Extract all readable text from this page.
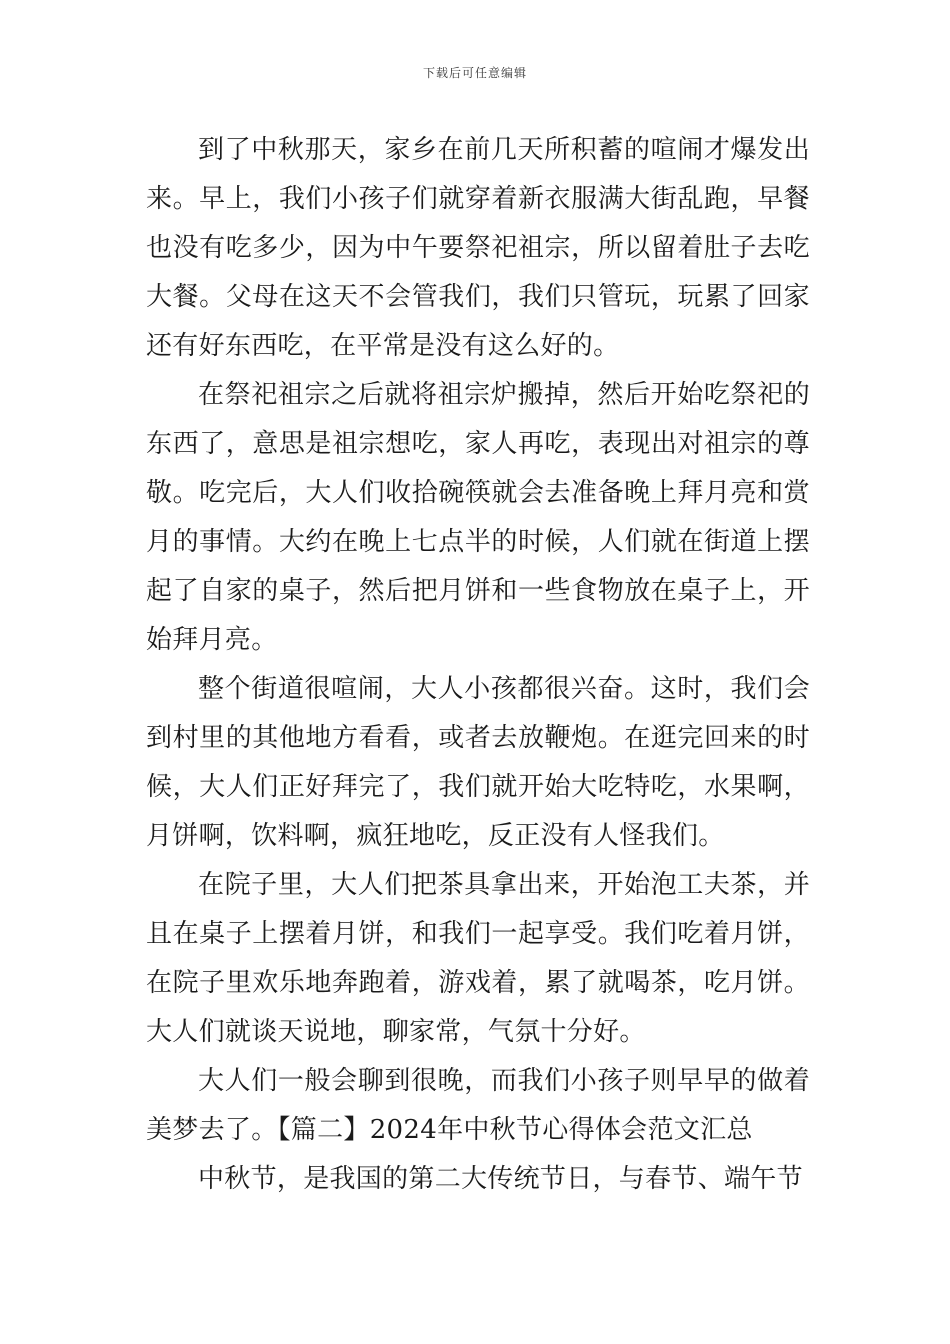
下载后可任意编辑

到了中秋那天，家乡在前几天所积蓄的喧闹才爆发出来。早上，我们小孩子们就穿着新衣服满大街乱跑，早餐也没有吃多少，因为中午要祭祀祖宗，所以留着肚子去吃大餐。父母在这天不会管我们，我们只管玩，玩累了回家还有好东西吃，在平常是没有这么好的。

在祭祀祖宗之后就将祖宗炉搬掉，然后开始吃祭祀的东西了，意思是祖宗想吃，家人再吃，表现出对祖宗的尊敬。吃完后，大人们收拾碗筷就会去准备晚上拜月亮和赏月的事情。大约在晚上七点半的时候，人们就在街道上摆起了自家的桌子，然后把月饼和一些食物放在桌子上，开始拜月亮。

整个街道很喧闹，大人小孩都很兴奋。这时，我们会到村里的其他地方看看，或者去放鞭炮。在逛完回来的时候，大人们正好拜完了，我们就开始大吃特吃，水果啊，月饼啊，饮料啊，疯狂地吃，反正没有人怪我们。

在院子里，大人们把茶具拿出来，开始泡工夫茶，并且在桌子上摆着月饼，和我们一起享受。我们吃着月饼，在院子里欢乐地奔跑着，游戏着，累了就喝茶，吃月饼。大人们就谈天说地，聊家常，气氛十分好。

大人们一般会聊到很晚，而我们小孩子则早早的做着美梦去了。【篇二】2024年中秋节心得体会范文汇总

中秋节，是我国的第二大传统节日，与春节、端午节
